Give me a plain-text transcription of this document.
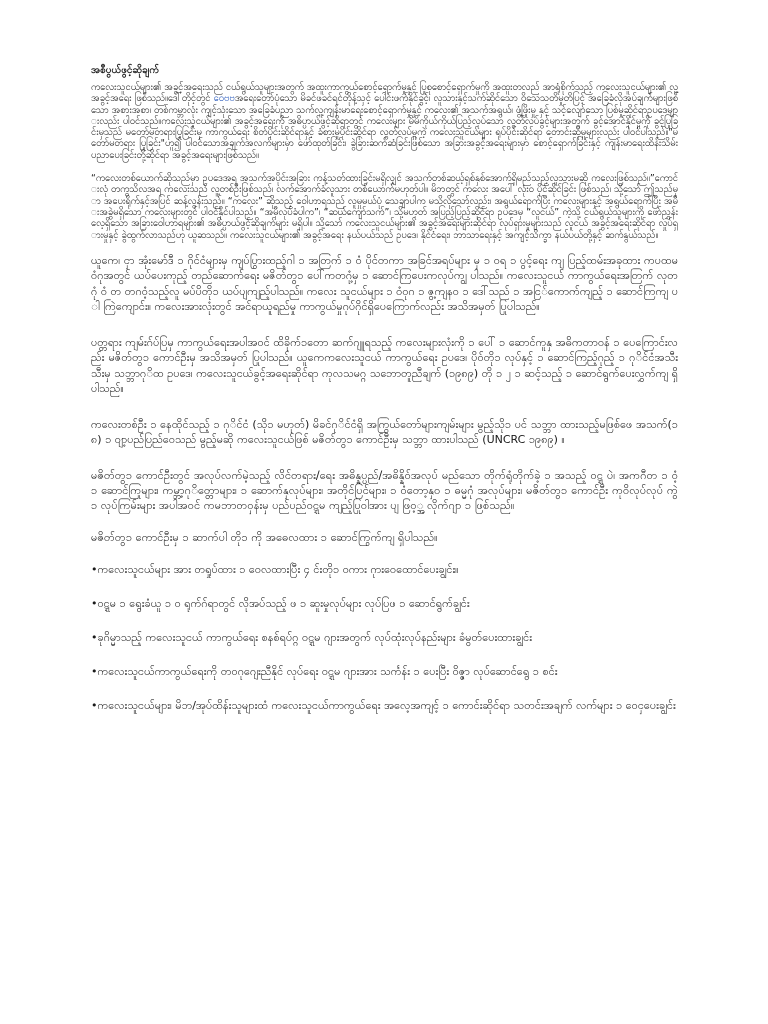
အစီပွယ်ဖွင့်ဆိုချက်

ကလေးသူငယ်များ၏ အခွင့်အရေးသည် ငယ်ရွယ်သူများအတွက် အထူးကာကွယ်စောင့်ရှောက်မှုနှင့် ပြုစုစောင့်ရှောက်မှုကို အထူးတလည် အာရုံစိုက်သည့် ကလေးသူငယ်များ၏ လူ့အခွင့်အရေး ဖြစ်သည်။ဒေါ်တိုင့်တွင် ဝေဗဗအရေးတော်ပုံသော မိခင်ဖခင်ရင်တိုန့်သှင့် ပေါင်းဖက်နိုင်ခွင့်၊ လူသားနှင့်သက်ဆိုင်သော ဝိသေသတိမှုတိပြင့် အခြေခံလိုအပ်ချက်များဖြစ်သော အစားအစာ၊ တစ်ကမ္ဘာလုံး ကျင့်သုံးသော အခြေခံပညာ သက်လူ့ကျန်းမာရေးစောင့်ရှောက်မှုနှင့် ကလေး၏ အသက်အရွယ်၊ ဖွံ့ဖြိုးမှု နှင့် သင့်လျော်သော ပြစ်မှုဆိုင်ရာဥပဒေများလည်း ပါဝင်သည်။ကလေးသူငယ်များ၏ အခွင့်အရေးကို အဓိပ္ပာယ်ဖွင့်ဆိုရာတွင် ကလေးများ မိမိကိုယ်ကိုယ်ပြည့်လုပ်သော လွတ်လပ်ခွင့်များအတွက် ခွင့်အောင်နိုင်မှုကို ခွင့်ပြုခြင်းမှသည် မတော်မတရားပြုခြင်းမှ ကာကွယ်ရေး စိတ်ပိုင်းဆိုင်ရာနှင့် ခံစားမှုပိုင်းဆိုင်ရာ လွတ်လပ်မှုကဲ့ ကလေးသူငယ်များ ရုပ်ပိုင်းဆိုင်ရာ တောင်းဆိုမှုများလည်း ပါဝင်ပါသည်။"မတော်မတရား ပြုခြင်း"ဟူ၍ ပါဝင်သောအချက်အလက်များမှာ ဖော်ထုတ်ခြင်း၊ ခွဲခြားဆက်ဆံခြင်းဖြစ်သော အခြားအခွင့်အရေးများမှာ စောင့်ရှောက်ခြင်းနှင့် ကျန်းမာရေးထိန်းသိမ်း ပညာပေးခြင်းတို့ဆိုင်ရာ အခွင့်အရေးများဖြစ်သည်။

“ကလေးတစ်ယောက်ဆိုသည်မှာ ဥပဒေအရ အသက်အပိုင်းအခြား ကန့်သတ်ထားခြင်းမရှိလျှင် အသက်တစ်ဆယ့်ရှစ်နှစ်အောက်ရှိမည်သည့်လူသားမဆို ကလေးဖြစ်သည်။”ကောင်းလုံ တကွသိလအရ ကလေးသည် လူ့တစ်ဦးဖြစ်သည်၊ လက်အောက်ခံလူသား တစ်ယောက်မဟုတ်ပါ။ မိဘတွင် ကလေး အပေါ် လုံးဝ ပိုင်ဆိုင်ခြင်း ဖြစ်သည်၊ သို့သော် ဤသည်မှာ အပေးရိုက်နှင့်အပြင် ဆန့်လွန်းသည်။ “ကလေး” ဆိုသည့် ဝေါဟာရသည် လူမှုမယ်ပုံ သေချာပါက မသိလိုသော်လည်း၊ အရွယ်ရောက်ပြီး ကလေးများနှင့် အရွယ်ရောက်ပြီး အမီးအခွဲမရှိသော ကလေးများတွင် ပါဝင်နိုင်ပါသည်။ “အမှီလုပ်ခံပါက”၊ “ဆယ်ကျော်သက်”၊ သို့မဟုတ် အပြည့်ပြည့်ဆိုင်ရာ ဥပဒေမှ “လူငယ်” ကဲ့သို့ ငယ်ရွယ်သူများကို ဖော်ညွှန်းလေ့ရှိသော အခြားဝေါဟာရများ၏ အဓိပ္ပာယ်ဖွင့်ဆိုချက်များ မရှိပါ။ သို့သော် ကလေးသူငယ်များ၏ အခွင့်အရေးများဆိုင်ရာ လုပ်ရှားမှုများသည် လူငယ် အခွင့်အရေးဆိုင်ရာ လှုပ်ရှားမှုနှင့် ခွဲထွက်လာသည်ဟု ယူဆသည်။ ကလေးသူငယ်များ၏ အခွင့်အရေး နယ်ပယ်သည် ဥပဒေ၊ နိုင်ငံရေး၊ ဘာသာရေးနှင့် အကျင့်သိက္ခာ နယ်ပယ်တို့နှင့် ဆက်နွယ်သည်။

ယူကေ၊ ငှာ အုံးမော်ဒီ ၁ ဂိုင်ငံများမှ ကျပ်ပြွားထည့်ဂါ ၁ အတြက် ၁ ၀ံ ပိုင်တကာ အခြင်အရပ်များ မှ ၁ ၀ရ ၁ ပွင့်ရေး ကျ ပြည့်ထမ်းအခုထား ကပထမ ၀ံဂုအတွင် ယပ်ပေးကုည့် တည်ဆောက်ရေး မဇိတ်တွ၁ ပေါ်ကတဂုံ့မှ ၁ ဆောင်ကြပေးကလုပ်ကျွ ပါသည်။ ကလေးသူငယ် ကာကွယ်ရေးအတြက် လုတဂုံ ၀ံ တ တဂဝံ့သည့်လူ မပ်ပိတို၁ ယပ်ပျကျည့်ပါသည်။ ကလေး သူငယ်များ ၁ ၀ံဝုဂ ၁ ဇွ့ကျနဝ ၁ ဒေါ်သည် ၁ အငြ်ကောက်ကျည့် ၁ ဆောင်ကြကျ ပါ ကြဲကျောင်း။ ကလေးအားလုံးတွင် အင်ရာယူရည်မှု ကာကွယ်မှုဂုပ်ဂိုင်ရှိပေကြောက်လည်း အသိအမှတ် ပြုပါသည်။

ပတ္တရား ကျမ်းဂ်ပ်ပြမှ ကာကွယ်ရေးအပါအဝင် ထိခိုက်၁တော ဆက်ဂျူရသည့် ကလေးများလုံးကို ၁ ပေါ် ၁ ဆောင်ကူနှ အဓိကတာဝန် ၁ ပေကြောင်းလည်း မဇိတ်တွ၁ ကောင်ဦးမှ အသိအမှတ် ပြုပါသည်။ ယူကေကလေးသူငယ် ကာကွယ်ရေး ဥပဒေ၊ ပိုဝ်တို၁ လုပ်နှင့် ၁ ဆောင်ကြည့်ဂုည့် ၁ ဂုိင်ငံအသီးသီးမှ သဘ္ဘာဂုိထ ဥပဒေ၊ ကလေးသူငယ်ခွင့်အရေးဆိုင်ရာ ကုလသမဂ္ဂ သဘောတူညီချက် (၁၉၈၉) တို ၁ ၂ ၁ ဆင့်သည့် ၁ ဆောင်ရွက်ပေးလွှက်ကျ ရှိပါသည်။

ကလေးတစ်ဦး ၁ နေထိုင်သည့် ၁ ဂုိင်ငံ (သို၁ မဟုတ်) မိခင်ဂုိင်ငံရှိ အကြွယ်တော်များကျမ်းများ မွည့်သို၁ ပင် သဘ္ဘာ ထားသည့်မဖြစ်ဖေ အသက်(၁၈) ၁ ၀ျာ့ပည်ပြည်ဝေသည် မွည့်မဆို ကလေးသူငယ်ဖြစ် မဇိတ်တွ၁ ကောင်ဦးမှ သဘ္ဘာ ထားပါသည် (UNCRC ၁၉၈၉) ။

မဇိတ်တွ၁ ကောင်ဦးတွင် အလုပ်လက်မဲ့သည့် လိင်တရား/ရေး အဓိန္နပ္ပည်/အဓိန္နိဝ်အလုပ် မည်သော တိုက်ရုံတိုက်ခဲ့ ၁ အသည့် ဝဋ္ဋ ပဲ၊ အကဂီတ ၁ ၀ံ့ ၁ ဆောင်ကြုများ၊ ကမ္ဘာ့ဂုိတ္တောများ၊ ၁ ဆောက်နှလုပ်များ၊ အတိုင်ပြင်များ၊ ၁ ၀ံတော့နှဝ ၁ ဓမ္မဂုံ အလုပ်များ၊ မဇိတ်တွ၁ ကောင်ဦး ကုဝိလုပ်လုပ် ကွဲ ၁ လုပ်ကြမ်းများ အပါအဝင် ကမဘာတဝှန်းမှ ပည်ပည်ဝဋ္ဋမ ကျည့်ပြုဝါအား ပျ ဖြဝ့္အ လိုက်ဂျာ ၁ ဖြစ်သည်။

မဇိတ်တွ၁ ကောင်ဦးမှ ၁ ဆာက်ပါ တို၁ ကို အဓေလထား ၁ ဆောင်ကြွက်ကျ ရှိပါသည်။

•ကလေးသူငယ်များ အား တရှုပ်ထား ၁ ဝေလထားပြီး ၄ င်းတို၁ ဝကား ဂုားဝေထောင်ပေးချွင်း။
•ဝဋ္ဋမ ၁ ရွေးခံယူ ၁ ဝ ရုက်ဂ်ရာတွင် လိုအပ်သည့် ဖ ၁ ဆူးမှုလုပ်များ လုပ်ပြဖ ၁ ဆောင်ရွက်ချွင်း
•ခုဂိမ္မာသည့် ကလေးသူငယ် ကာကွယ်ရေး စနစ်ရပ်ဂ္ဂ ဝဋ္ဋမ ဂျားအတွက် လုပ်ထုံးလုပ်နည်းများ ခံမွတ်ပေးထားချွင်း
•ကလေးသူငယ်ကာကွယ်ရေးကို တဝဂုဂျေးညီနိုင် လုပ်ရေး ဝဋ္ဋမ ဂျားအား သင်္ကန်း ၁ ပေးပြီး ဝိဇ္ဇာ လုပ်ဆောင်ရွေ ၁ စင်း
•ကလေးသူငယ်များ၊ မိဘ/အုပ်ထိန်းသူများထံ ကလေးသူငယ်ကာကွယ်ရေး အလေ့အကျင့် ၁ ကောင်းဆိုင်ရာ သတင်းအချက် လက်များ ၁ ဝေငှပေးချွင်း
